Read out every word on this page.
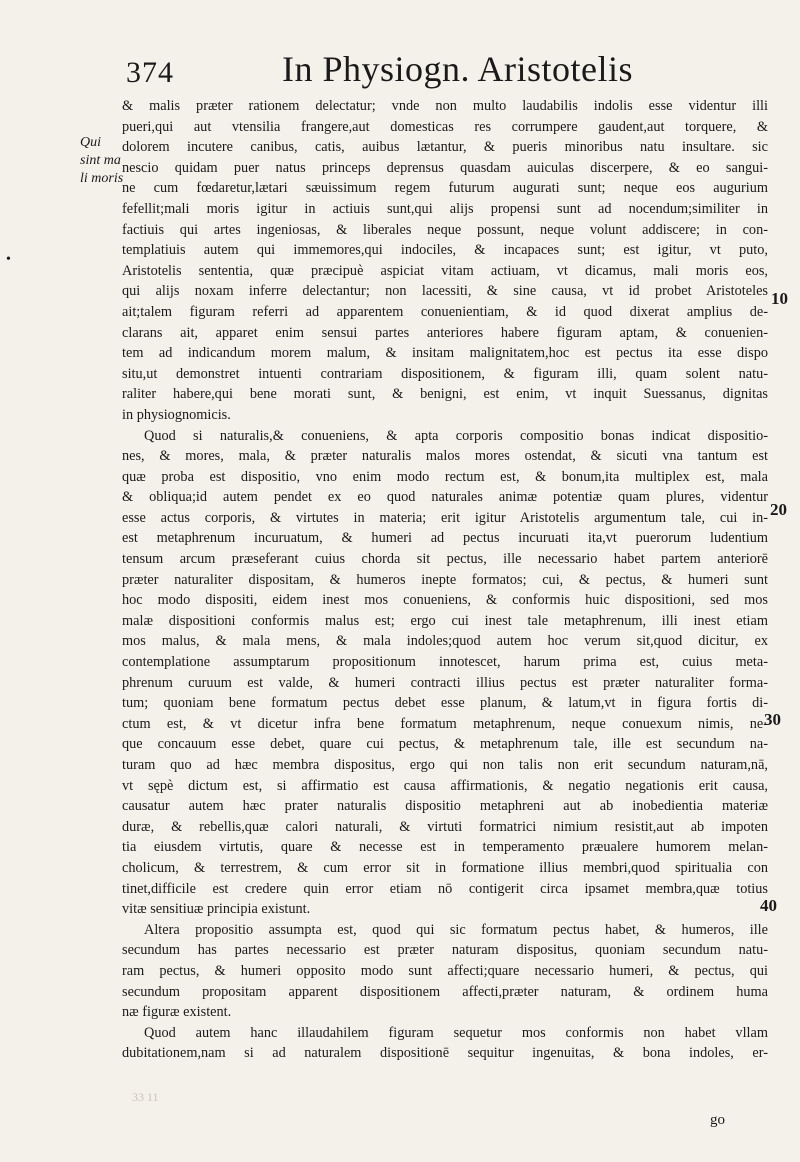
374	In Physiogn. Aristotelis
Qui
sint ma
li moris
•
10
20
30
40
& malis præter rationem delectatur; vnde non multo laudabilis indolis esse videntur illi
pueri,qui aut vtensilia frangere,aut domesticas res corrumpere gaudent,aut torquere, &
dolorem incutere canibus, catis, auibus lætantur, & pueris minoribus natu insultare. sic
nescio quidam puer natus princeps deprensus quasdam auiculas discerpere, & eo sangui-
ne cum fœdaretur,lætari sæuissimum regem futurum augurati sunt; neque eos augurium
fefellit;mali moris igitur in actiuis sunt,qui alijs propensi sunt ad nocendum;similiter in
factiuis qui artes ingeniosas, & liberales neque possunt, neque volunt addiscere; in con-
templatiuis autem qui immemores,qui indociles, & incapaces sunt; est igitur, vt puto,
Aristotelis sententia, quæ præcipuè aspiciat vitam actiuam, vt dicamus, mali moris eos,
qui alijs noxam inferre delectantur; non lacessiti, & sine causa, vt id probet Aristoteles
ait;talem figuram referri ad apparentem conuenientiam, & id quod dixerat amplius de-
clarans ait, apparet enim sensui partes anteriores habere figuram aptam, & conuenien-
tem ad indicandum morem malum, & insitam malignitatem,hoc est pectus ita esse dispo
situ,ut demonstret intuenti contrariam dispositionem, & figuram illi, quam solent natu-
raliter habere,qui bene morati sunt, & benigni, est enim, vt inquit Suessanus, dignitas
in physiognomicis.
Quod si naturalis,& conueniens, & apta corporis compositio bonas indicat dispositio-
nes, & mores, mala, & præter naturalis malos mores ostendat, & sicuti vna tantum est
quæ proba est dispositio, vno enim modo rectum est, & bonum,ita multiplex est, mala
& obliqua;id autem pendet ex eo quod naturales animæ potentiæ quam plures, videntur
esse actus corporis, & virtutes in materia; erit igitur Aristotelis argumentum tale, cui in-
est metaphrenum incuruatum, & humeri ad pectus incuruati ita,vt puerorum ludentium
tensum arcum præseferant cuius chorda sit pectus, ille necessario habet partem anteriorē
præter naturaliter dispositam, & humeros inepte formatos; cui, & pectus, & humeri sunt
hoc modo dispositi, eidem inest mos conueniens, & conformis huic dispositioni, sed mos
malæ dispositioni conformis malus est; ergo cui inest tale metaphrenum, illi inest etiam
mos malus, & mala mens, & mala indoles;quod autem hoc verum sit,quod dicitur, ex
contemplatione assumptarum propositionum innotescet, harum prima est, cuius meta-
phrenum curuum est valde, & humeri contracti illius pectus est præter naturaliter forma-
tum; quoniam bene formatum pectus debet esse planum, & latum,vt in figura fortis di-
ctum est, & vt dicetur infra bene formatum metaphrenum, neque conuexum nimis, ne-
que concauum esse debet, quare cui pectus, & metaphrenum tale, ille est secundum na-
turam quo ad hæc membra dispositus, ergo qui non talis non erit secundum naturam,nā,
vt sępè dictum est, si affirmatio est causa affirmationis, & negatio negationis erit causa,
causatur autem hæc prater naturalis dispositio metaphreni aut ab inobedientia materiæ
duræ, & rebellis,quæ calori naturali, & virtuti formatrici nimium resistit,aut ab impoten
tia eiusdem virtutis, quare & necesse est in temperamento præualere humorem melan-
cholicum, & terrestrem, & cum error sit in formatione illius membri,quod spiritualia con
tinet,difficile est credere quin error etiam nō contigerit circa ipsamet membra,quæ totius
vitæ sensitiuæ principia existunt.
Altera propositio assumpta est, quod qui sic formatum pectus habet, & humeros, ille
secundum has partes necessario est præter naturam dispositus, quoniam secundum natu-
ram pectus, & humeri opposito modo sunt affecti;quare necessario humeri, & pectus, qui
secundum propositam apparent dispositionem affecti,præter naturam, & ordinem huma
næ figuræ existent.
Quod autem hanc illaudahilem figuram sequetur mos conformis non habet vllam
dubitationem,nam si ad naturalem dispositionē sequitur ingenuitas, & bona indoles, er-
33 11
go
